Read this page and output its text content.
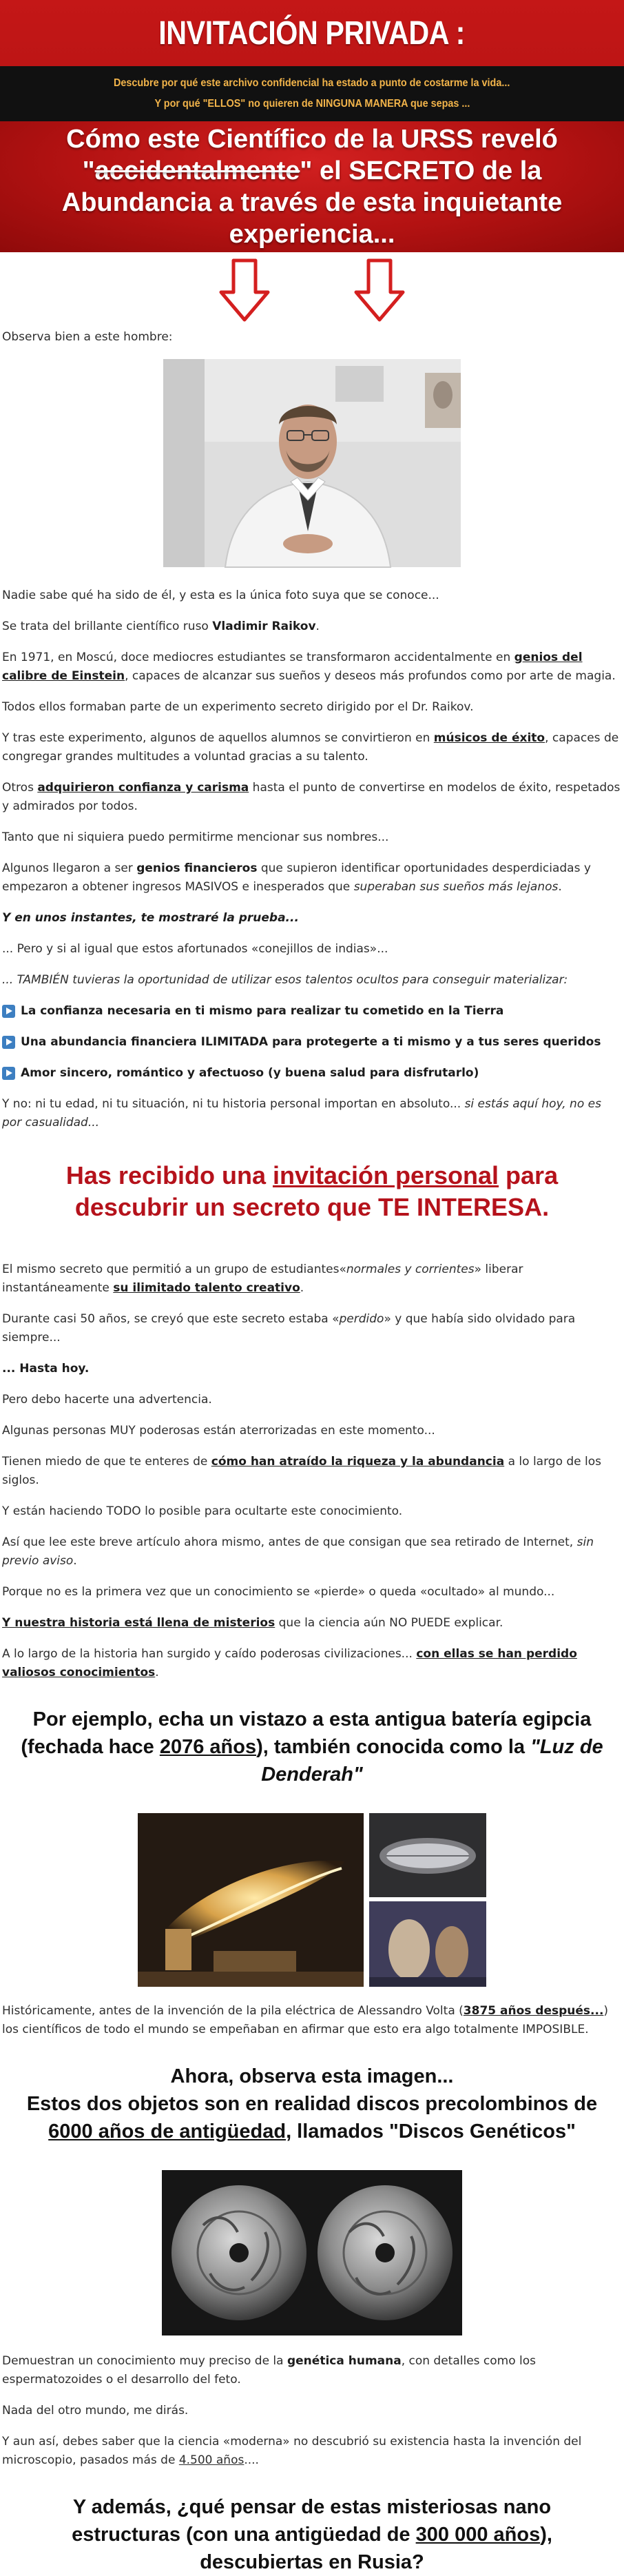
INVITACIÓN PRIVADA :
Descubre por qué este archivo confidencial ha estado a punto de costarme la vida...
Y por qué "ELLOS" no quieren de NINGUNA MANERA que sepas ...
Cómo este Científico de la URSS reveló "accidentalmente" el SECRETO de la Abundancia a través de esta inquietante experiencia...

Observa bien a este hombre:

Nadie sabe qué ha sido de él, y esta es la única foto suya que se conoce...

Se trata del brillante científico ruso Vladimir Raikov.

En 1971, en Moscú, doce mediocres estudiantes se transformaron accidentalmente en genios del calibre de Einstein, capaces de alcanzar sus sueños y deseos más profundos como por arte de magia.

Todos ellos formaban parte de un experimento secreto dirigido por el Dr. Raikov.

Y tras este experimento, algunos de aquellos alumnos se convirtieron en músicos de éxito, capaces de congregar grandes multitudes a voluntad gracias a su talento.

Otros adquirieron confianza y carisma hasta el punto de convertirse en modelos de éxito, respetados y admirados por todos.

Tanto que ni siquiera puedo permitirme mencionar sus nombres...

Algunos llegaron a ser genios financieros que supieron identificar oportunidades desperdiciadas y empezaron a obtener ingresos MASIVOS e inesperados que superaban sus sueños más lejanos.

Y en unos instantes, te mostraré la prueba...

... Pero y si al igual que estos afortunados «conejillos de indias»...

... TAMBIÉN tuvieras la oportunidad de utilizar esos talentos ocultos para conseguir materializar:

La confianza necesaria en ti mismo para realizar tu cometido en la Tierra
Una abundancia financiera ILIMITADA para protegerte a ti mismo y a tus seres queridos
Amor sincero, romántico y afectuoso (y buena salud para disfrutarlo)

Y no: ni tu edad, ni tu situación, ni tu historia personal importan en absoluto... si estás aquí hoy, no es por casualidad...

Has recibido una invitación personal para descubrir un secreto que TE INTERESA.

El mismo secreto que permitió a un grupo de estudiantes«normales y corrientes» liberar instantáneamente su ilimitado talento creativo.

Durante casi 50 años, se creyó que este secreto estaba «perdido» y que había sido olvidado para siempre...

... Hasta hoy.

Pero debo hacerte una advertencia.

Algunas personas MUY poderosas están aterrorizadas en este momento...

Tienen miedo de que te enteres de cómo han atraído la riqueza y la abundancia a lo largo de los siglos.

Y están haciendo TODO lo posible para ocultarte este conocimiento.

Así que lee este breve artículo ahora mismo, antes de que consigan que sea retirado de Internet, sin previo aviso.

Porque no es la primera vez que un conocimiento se «pierde» o queda «ocultado» al mundo...

Y nuestra historia está llena de misterios que la ciencia aún NO PUEDE explicar.

A lo largo de la historia han surgido y caído poderosas civilizaciones... con ellas se han perdido valiosos conocimientos.

Por ejemplo, echa un vistazo a esta antigua batería egipcia (fechada hace 2076 años), también conocida como la "Luz de Denderah"

Históricamente, antes de la invención de la pila eléctrica de Alessandro Volta (3875 años después...) los científicos de todo el mundo se empeñaban en afirmar que esto era algo totalmente IMPOSIBLE.

Ahora, observa esta imagen...
Estos dos objetos son en realidad discos precolombinos de 6000 años de antigüedad, llamados "Discos Genéticos"

Demuestran un conocimiento muy preciso de la genética humana, con detalles como los espermatozoides o el desarrollo del feto.

Nada del otro mundo, me dirás.

Y aun así, debes saber que la ciencia «moderna» no descubrió su existencia hasta la invención del microscopio, pasados más de 4.500 años....

Y además, ¿qué pensar de estas misteriosas nano estructuras (con una antigüedad de 300 000 años), descubiertas en Rusia?
